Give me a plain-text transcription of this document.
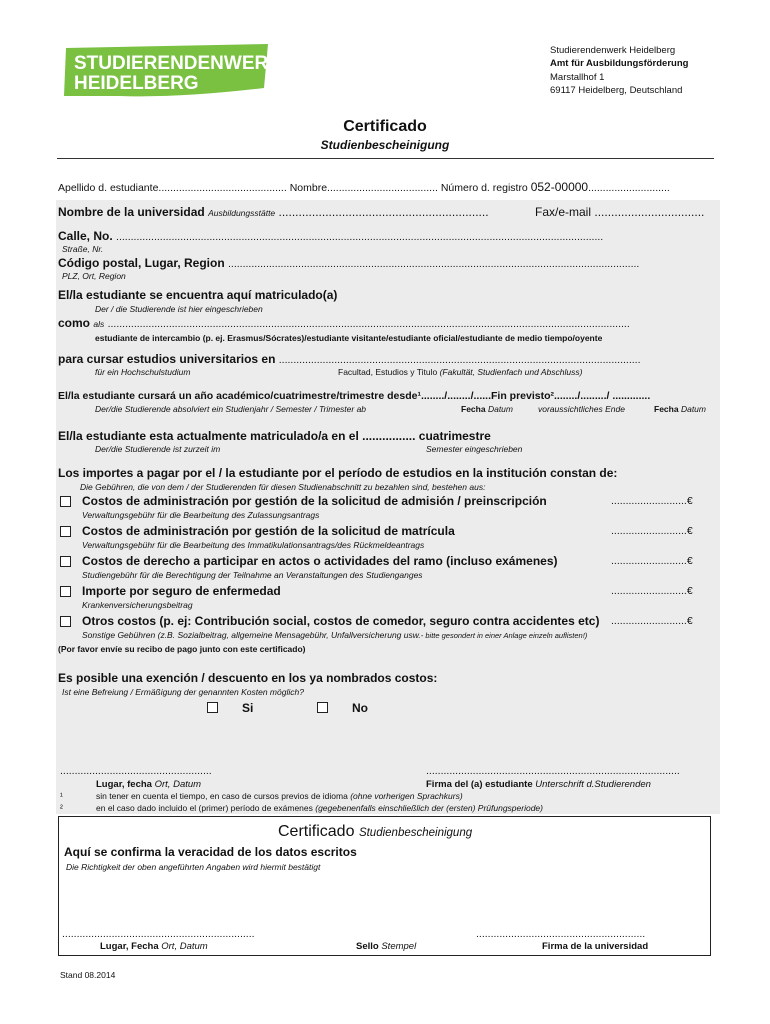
STUDIERENDENWERK
HEIDELBERG
Studierendenwerk Heidelberg
Amt für Ausbildungsförderung
Marstallhof 1
69117 Heidelberg, Deutschland
Certificado
Studienbescheinigung
Apellido d. estudiante............................................ Nombre...................................... Número d. registro 052-00000............................
Nombre de la universidad Ausbildungsstätte ...............................................................	Fax/e-mail .................................
Calle, No. .......................................................................................................................................................................
Straße, Nr.
Código postal, Lugar, Region .............................................................................................................................................
PLZ, Ort, Region
El/la estudiante se encuentra aquí matriculado(a)
Der / die Studierende ist hier eingeschrieben
como als ...................................................................................................................................................................................
estudiante de intercambio (p. ej. Erasmus/Sócrates)/estudiante visitante/estudiante oficial/estudiante de medio tiempo/oyente
para cursar estudios universitarios en ............................................................................................................................
für ein Hochschulstudium	Facultad, Estudios y Titulo (Fakultät, Studienfach und Abschluss)
El/la estudiante cursará un año académico/cuatrimestre/trimestre desde¹......../......../......Fin previsto²......../........./ .............
Der/die Studierende absolviert ein Studienjahr / Semester / Trimester ab	Fecha Datum	voraussichtliches Ende	Fecha Datum
El/la estudiante esta actualmente matriculado/a en el ................ cuatrimestre
Der/die Studierende ist zurzeit im	Semester eingeschrieben
Los importes a pagar por el / la estudiante por el período de estudios en la institución constan de:
Die Gebühren, die von dem / der Studierenden für diesen Studienabschnitt zu bezahlen sind, bestehen aus:
Costos de administración por gestión de la solicitud de admisión / preinscripción	..........................€
Verwaltungsgebühr für die Bearbeitung des Zulassungsantrags
Costos de administración por gestión de la solicitud de matrícula	..........................€
Verwaltungsgebühr für die Bearbeitung des Immatikulationsantrags/des Rückmeldeantrags
Costos de derecho a participar en actos o actividades del ramo (incluso exámenes)	..........................€
Studiengebühr für die Berechtigung der Teilnahme an Veranstaltungen des Studienganges
Importe por seguro de enfermedad	..........................€
Krankenversicherungsbeitrag
Otros costos (p. ej: Contribución social, costos de comedor, seguro contra accidentes etc) ..........................€
Sonstige Gebühren (z.B. Sozialbeitrag, allgemeine Mensagebühr, Unfallversicherung usw.- bitte gesondert in einer Anlage einzeln auflisten!)
(Por favor envíe su recibo de pago junto con este certificado)
Es posible una exención / descuento en los ya nombrados costos:
Ist eine Befreiung / Ermäßigung der genannten Kosten möglich?
Si	No
....................................................
Lugar, fecha Ort, Datum
.......................................................................................
Firma del (a) estudiante Unterschrift d.Studierenden
¹	sin tener en cuenta el tiempo, en caso de cursos previos de idioma (ohne vorherigen Sprachkurs)
²	en el caso dado incluido el (primer) período de exámenes (gegebenenfalls einschließlich der (ersten) Prüfungsperiode)
Certificado Studienbescheinigung
Aquí se confirma la veracidad de los datos escritos
Die Richtigkeit der oben angeführten Angaben wird hiermit bestätigt
..................................................................
Lugar, Fecha Ort, Datum	Sello Stempel
..........................................................
Firma de la universidad
Stand 08.2014
